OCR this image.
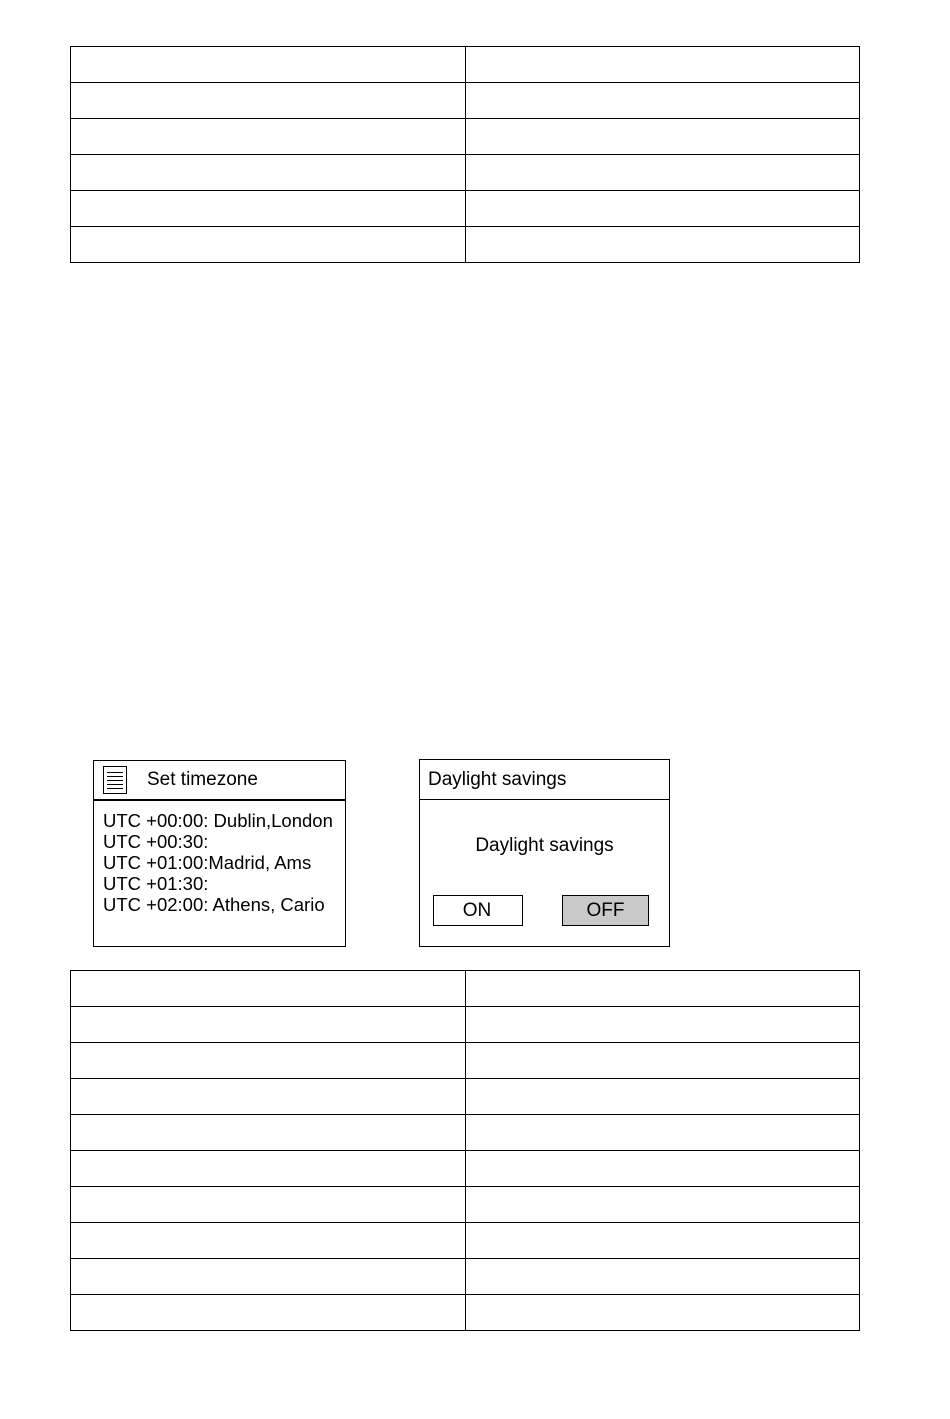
Set timezone
UTC +00:00: Dublin,London
UTC +00:30:
UTC +01:00:Madrid, Ams
UTC +01:30:
UTC +02:00: Athens, Cario
Daylight savings
Daylight savings
ON	OFF
